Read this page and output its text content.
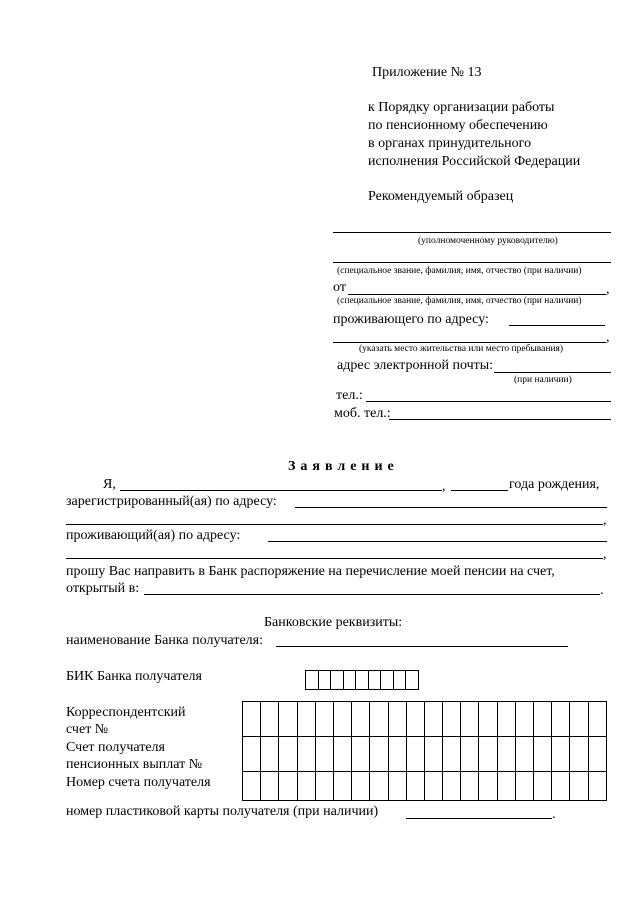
Приложение № 13
к Порядку организации работы
по пенсионному обеспечению
в органах принудительного
исполнения Российской Федерации
Рекомендуемый образец
(уполномоченному руководителю)
(специальное звание, фамилия, имя, отчество (при наличии)
от	,
(специальное звание, фамилия, имя, отчество (при наличии)
проживающего по адресу:
,
(указать место жительства или место пребывания)
адрес электронной почты:
(при наличии)
тел.:
моб. тел.:
Заявление
Я,	,	года рождения,
зарегистрированный(ая) по адресу:
,
проживающий(ая) по адресу:
,
прошу Вас направить в Банк распоряжение на перечисление моей пенсии на счет,
открытый в:	.
Банковские реквизиты:
наименование Банка получателя:
БИК Банка получателя
Корреспондентский
счет №
Счет получателя
пенсионных выплат №
Номер счета получателя
номер пластиковой карты получателя (при наличии)	.
